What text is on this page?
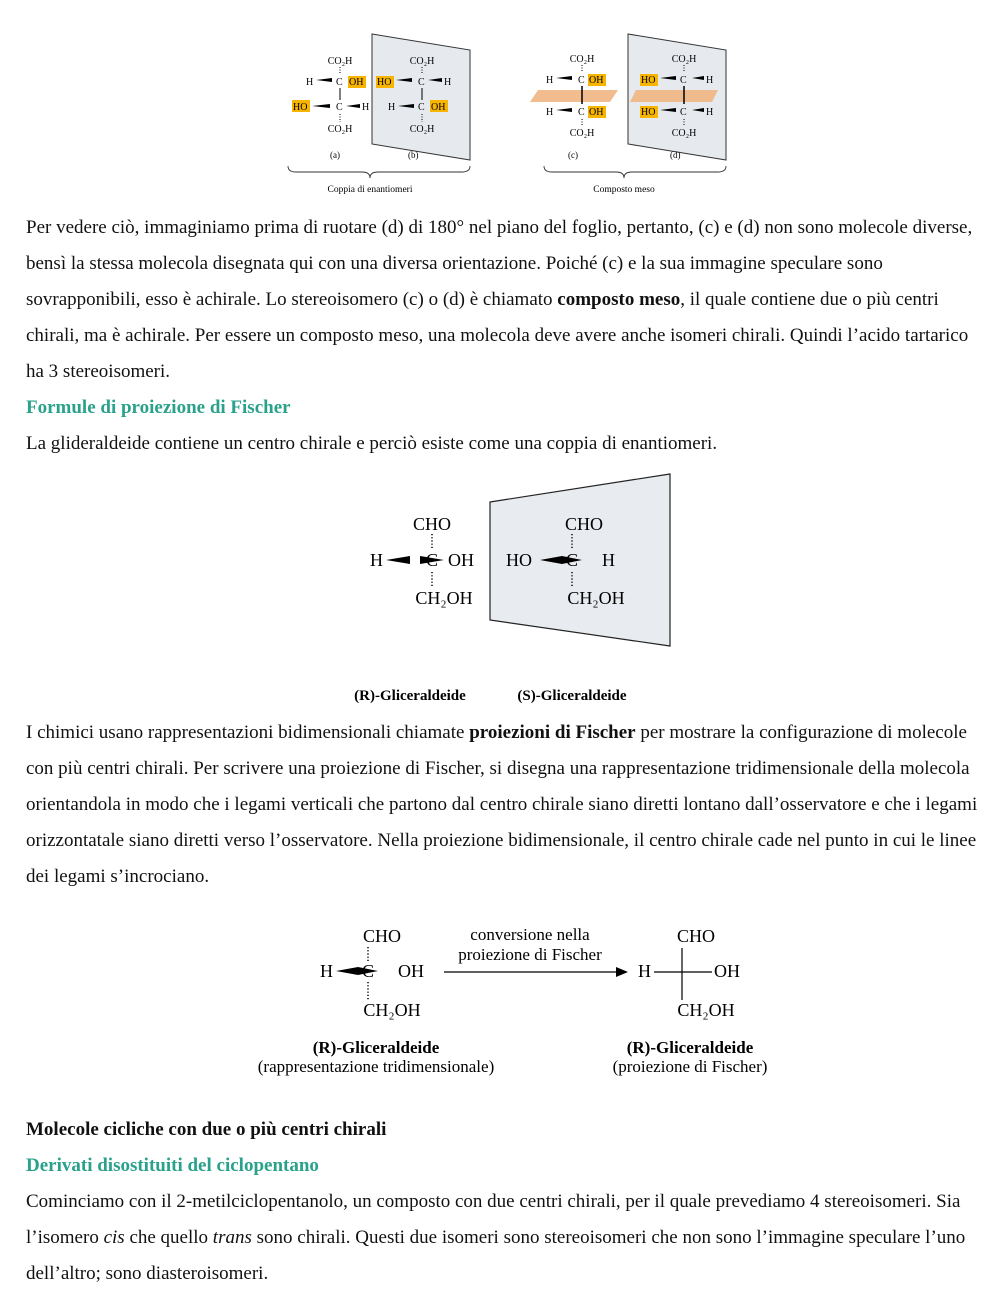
CO₂H
H C OH
HO	C H
CO₂H
(a)
CO₂H
HO	C H
H C OH
CO₂H
(b)
CO₂H
H C OH
H C OH
CO₂H
(c)
CO₂H
HO C H
HO C H
CO₂H
(d)
Coppia di enantiomeri	Composto meso

Per vedere ciò, immaginiamo prima di ruotare (d) di 180° nel piano del foglio, pertanto, (c) e (d) non sono molecole diverse, bensì la stessa molecola disegnata qui con una diversa orientazione. Poiché (c) e la sua immagine speculare sono sovrapponibili, esso è achirale. Lo stereoisomero (c) o (d) è chiamato composto meso, il quale contiene due o più centri chirali, ma è achirale. Per essere un composto meso, una molecola deve avere anche isomeri chirali. Quindi l’acido tartarico ha 3 stereoisomeri.

Formule di proiezione di Fischer

La glideraldeide contiene un centro chirale e perciò esiste come una coppia di enantiomeri.

CHO
H	OH
CH₂OH
CHO
HO	H
CH₂OH
(R)-Gliceraldeide	(S)-Gliceraldeide

I chimici usano rappresentazioni bidimensionali chiamate proiezioni di Fischer per mostrare la configurazione di molecole con più centri chirali. Per scrivere una proiezione di Fischer, si disegna una rappresentazione tridimensionale della molecola orientandola in modo che i legami verticali che partono dal centro chirale siano diretti lontano dall’osservatore e che i legami orizzontatale siano diretti verso l’osservatore. Nella proiezione bidimensionale, il centro chirale cade nel punto in cui le linee dei legami s’incrociano.

CHO
H	OH
CH₂OH
conversione nella
proiezione di Fischer
CHO
H	OH
CH₂OH
(R)-Gliceraldeide
(rappresentazione tridimensionale)
(R)-Gliceraldeide
(proiezione di Fischer)

Molecole cicliche con due o più centri chirali

Derivati disostituiti del ciclopentano

Cominciamo con il 2-metilciclopentanolo, un composto con due centri chirali, per il quale prevediamo 4 stereoisomeri. Sia l’isomero cis che quello trans sono chirali. Questi due isomeri sono stereoisomeri che non sono l’immagine speculare l’uno dell’altro; sono diasteroisomeri.
